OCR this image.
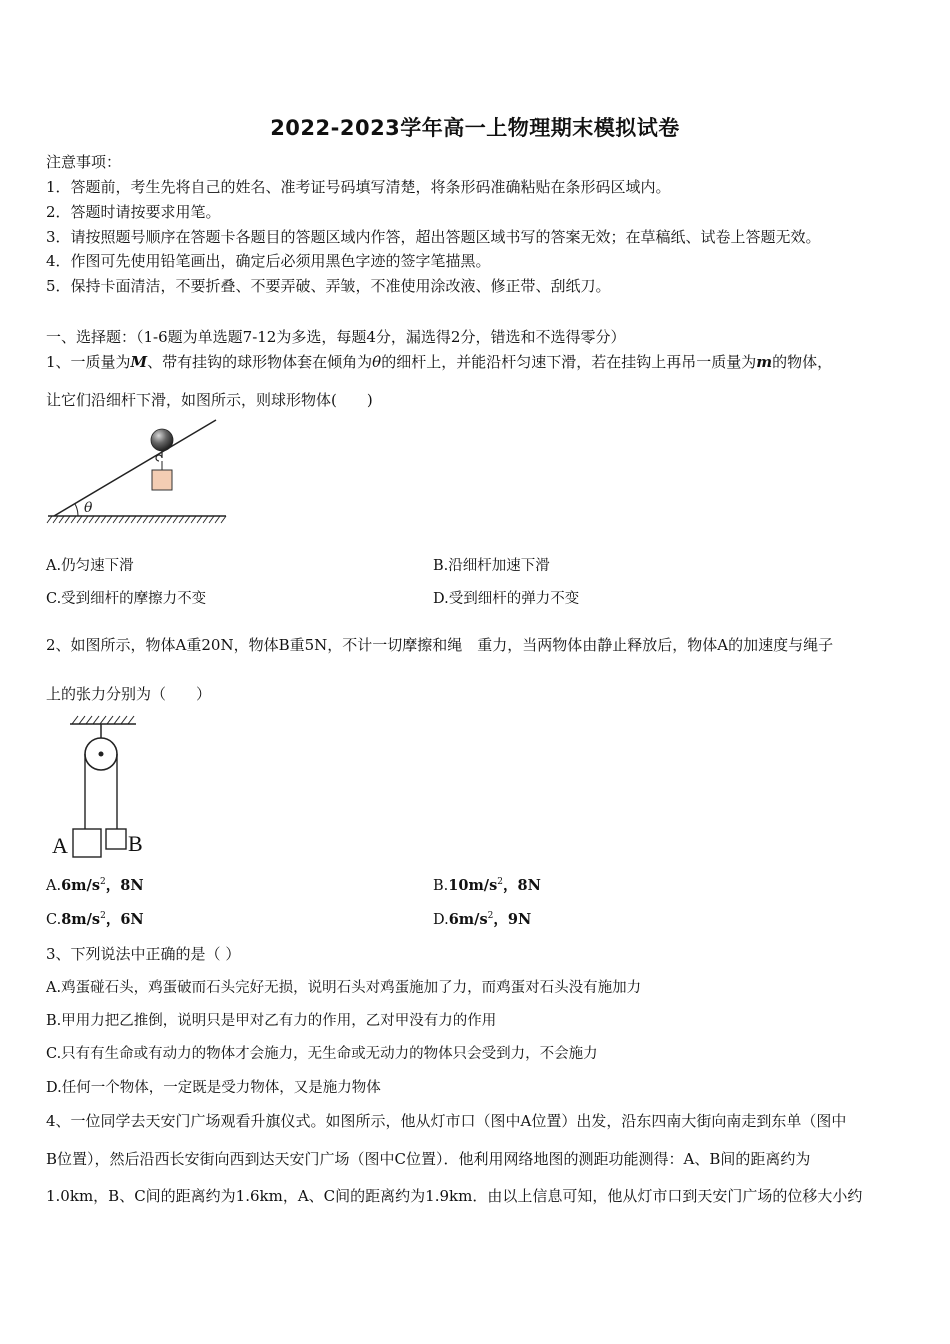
2022-2023学年高一上物理期末模拟试卷
注意事项：
1．答题前，考生先将自己的姓名、准考证号码填写清楚，将条形码准确粘贴在条形码区域内。
2．答题时请按要求用笔。
3．请按照题号顺序在答题卡各题目的答题区域内作答，超出答题区域书写的答案无效；在草稿纸、试卷上答题无效。
4．作图可先使用铅笔画出，确定后必须用黑色字迹的签字笔描黑。
5．保持卡面清洁，不要折叠、不要弄破、弄皱，不准使用涂改液、修正带、刮纸刀。
一、选择题：（1-6题为单选题7-12为多选，每题4分，漏选得2分，错选和不选得零分）
1、一质量为M、带有挂钩的球形物体套在倾角为θ的细杆上，并能沿杆匀速下滑，若在挂钩上再吊一质量为m的物体，
让它们沿细杆下滑，如图所示，则球形物体(　　)
θ
A.仍匀速下滑	B.沿细杆加速下滑
C.受到细杆的摩擦力不变	D.受到细杆的弹力不变
2、如图所示，物体A重20N，物体B重5N，不计一切摩擦和绳　重力，当两物体由静止释放后，物体A的加速度与绳子
上的张力分别为（　　）
A	B
$A.6m/s^2$，8N	$B.10m/s^2$，8N
$C.8m/s^2$，6N	$D.6m/s^2$，9N
3、下列说法中正确的是（ ）
A.鸡蛋碰石头，鸡蛋破而石头完好无损，说明石头对鸡蛋施加了力，而鸡蛋对石头没有施加力
B.甲用力把乙推倒，说明只是甲对乙有力的作用，乙对甲没有力的作用
C.只有有生命或有动力的物体才会施力，无生命或无动力的物体只会受到力，不会施力
D.任何一个物体，一定既是受力物体，又是施力物体
4、一位同学去天安门广场观看升旗仪式。如图所示，他从灯市口（图中A位置）出发，沿东四南大街向南走到东单（图中
B位置），然后沿西长安街向西到达天安门广场（图中C位置）．他利用网络地图的测距功能测得：A、B间的距离约为
1.0km，B、C间的距离约为1.6km，A、C间的距离约为1.9km．由以上信息可知，他从灯市口到天安门广场的位移大小约
